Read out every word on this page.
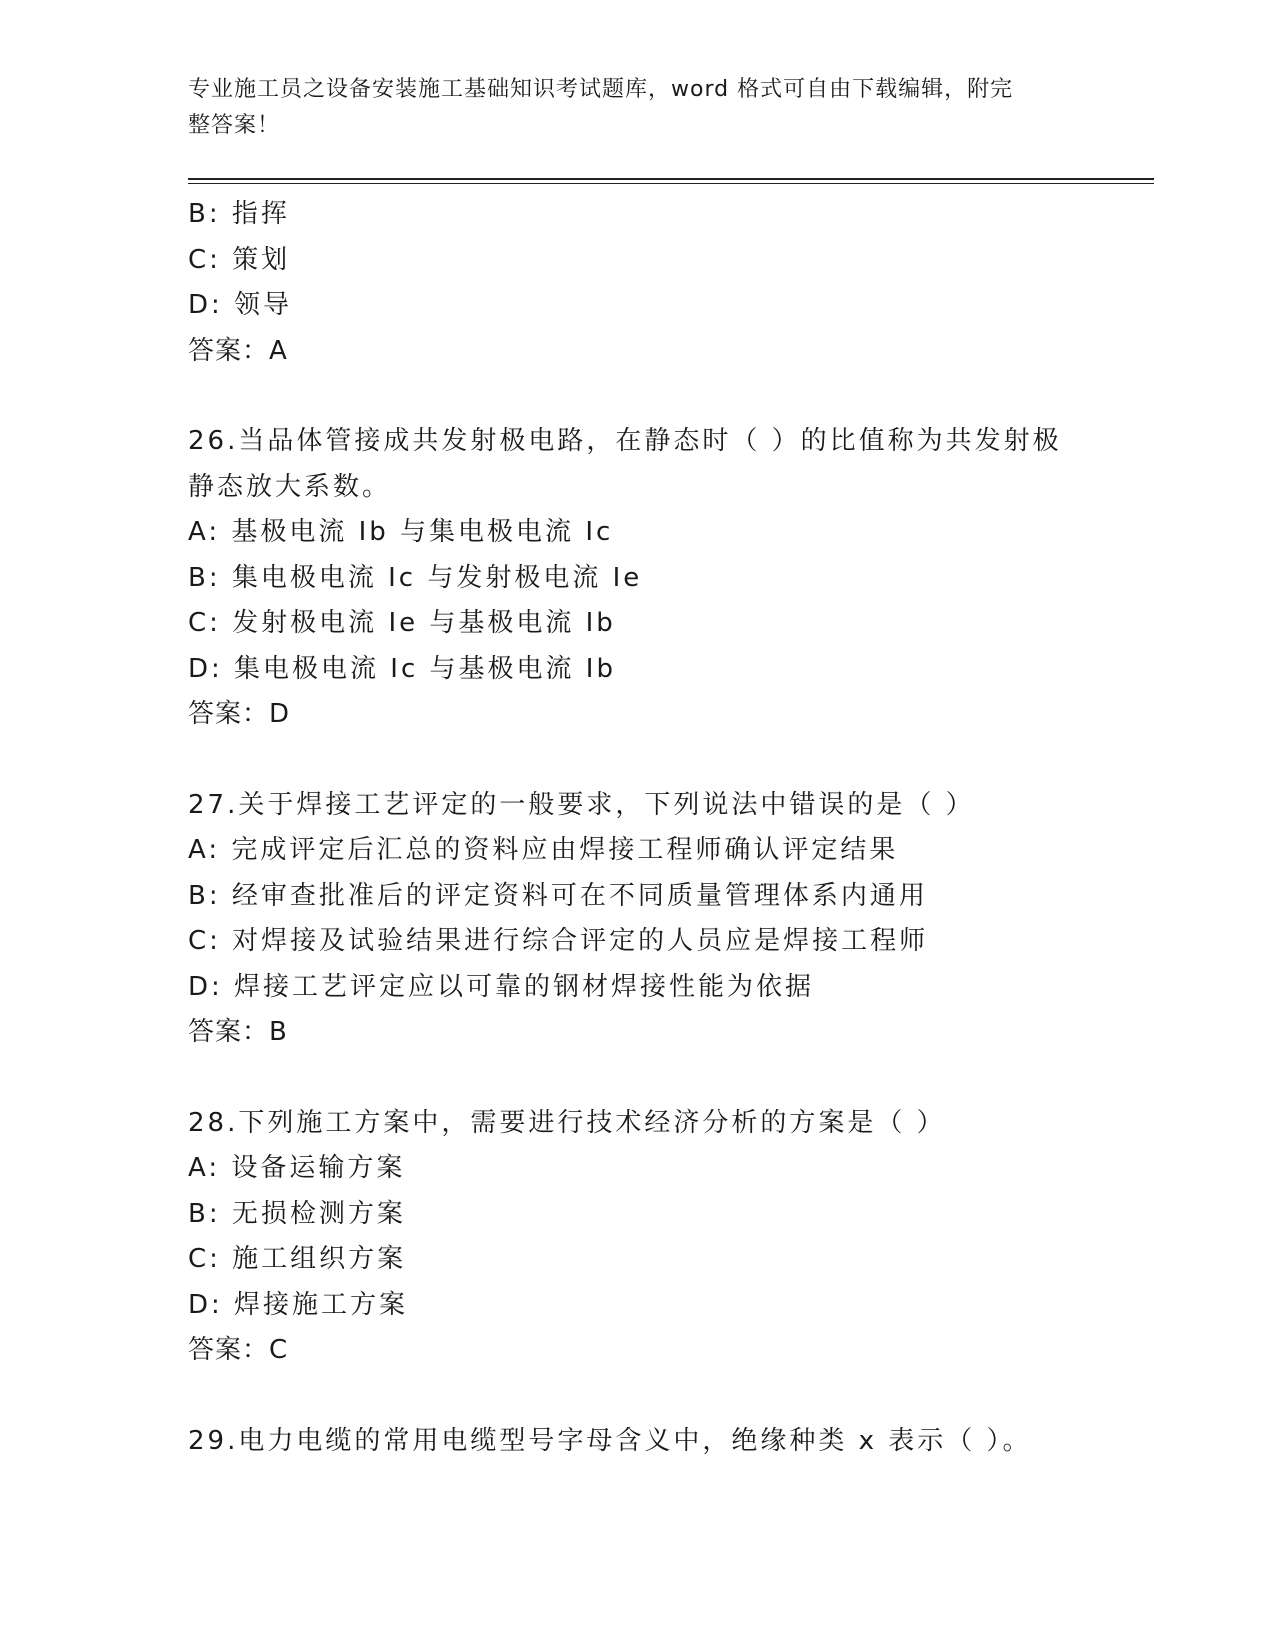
专业施工员之设备安装施工基础知识考试题库，word 格式可自由下载编辑，附完
整答案！
B: 指挥
C: 策划
D: 领导
答案：A
26.当品体管接成共发射极电路，在静态时（ ）的比值称为共发射极
静态放大系数。
A: 基极电流 Ib 与集电极电流 Ic
B: 集电极电流 Ic 与发射极电流 Ie
C: 发射极电流 Ie 与基极电流 Ib
D: 集电极电流 Ic 与基极电流 Ib
答案：D
27.关于焊接工艺评定的一般要求，下列说法中错误的是（ ）
A: 完成评定后汇总的资料应由焊接工程师确认评定结果
B: 经审查批准后的评定资料可在不同质量管理体系内通用
C: 对焊接及试验结果进行综合评定的人员应是焊接工程师
D: 焊接工艺评定应以可靠的钢材焊接性能为依据
答案：B
28.下列施工方案中，需要进行技术经济分析的方案是（ ）
A: 设备运输方案
B: 无损检测方案
C: 施工组织方案
D: 焊接施工方案
答案：C
29.电力电缆的常用电缆型号字母含义中，绝缘种类 x 表示（ ）。
